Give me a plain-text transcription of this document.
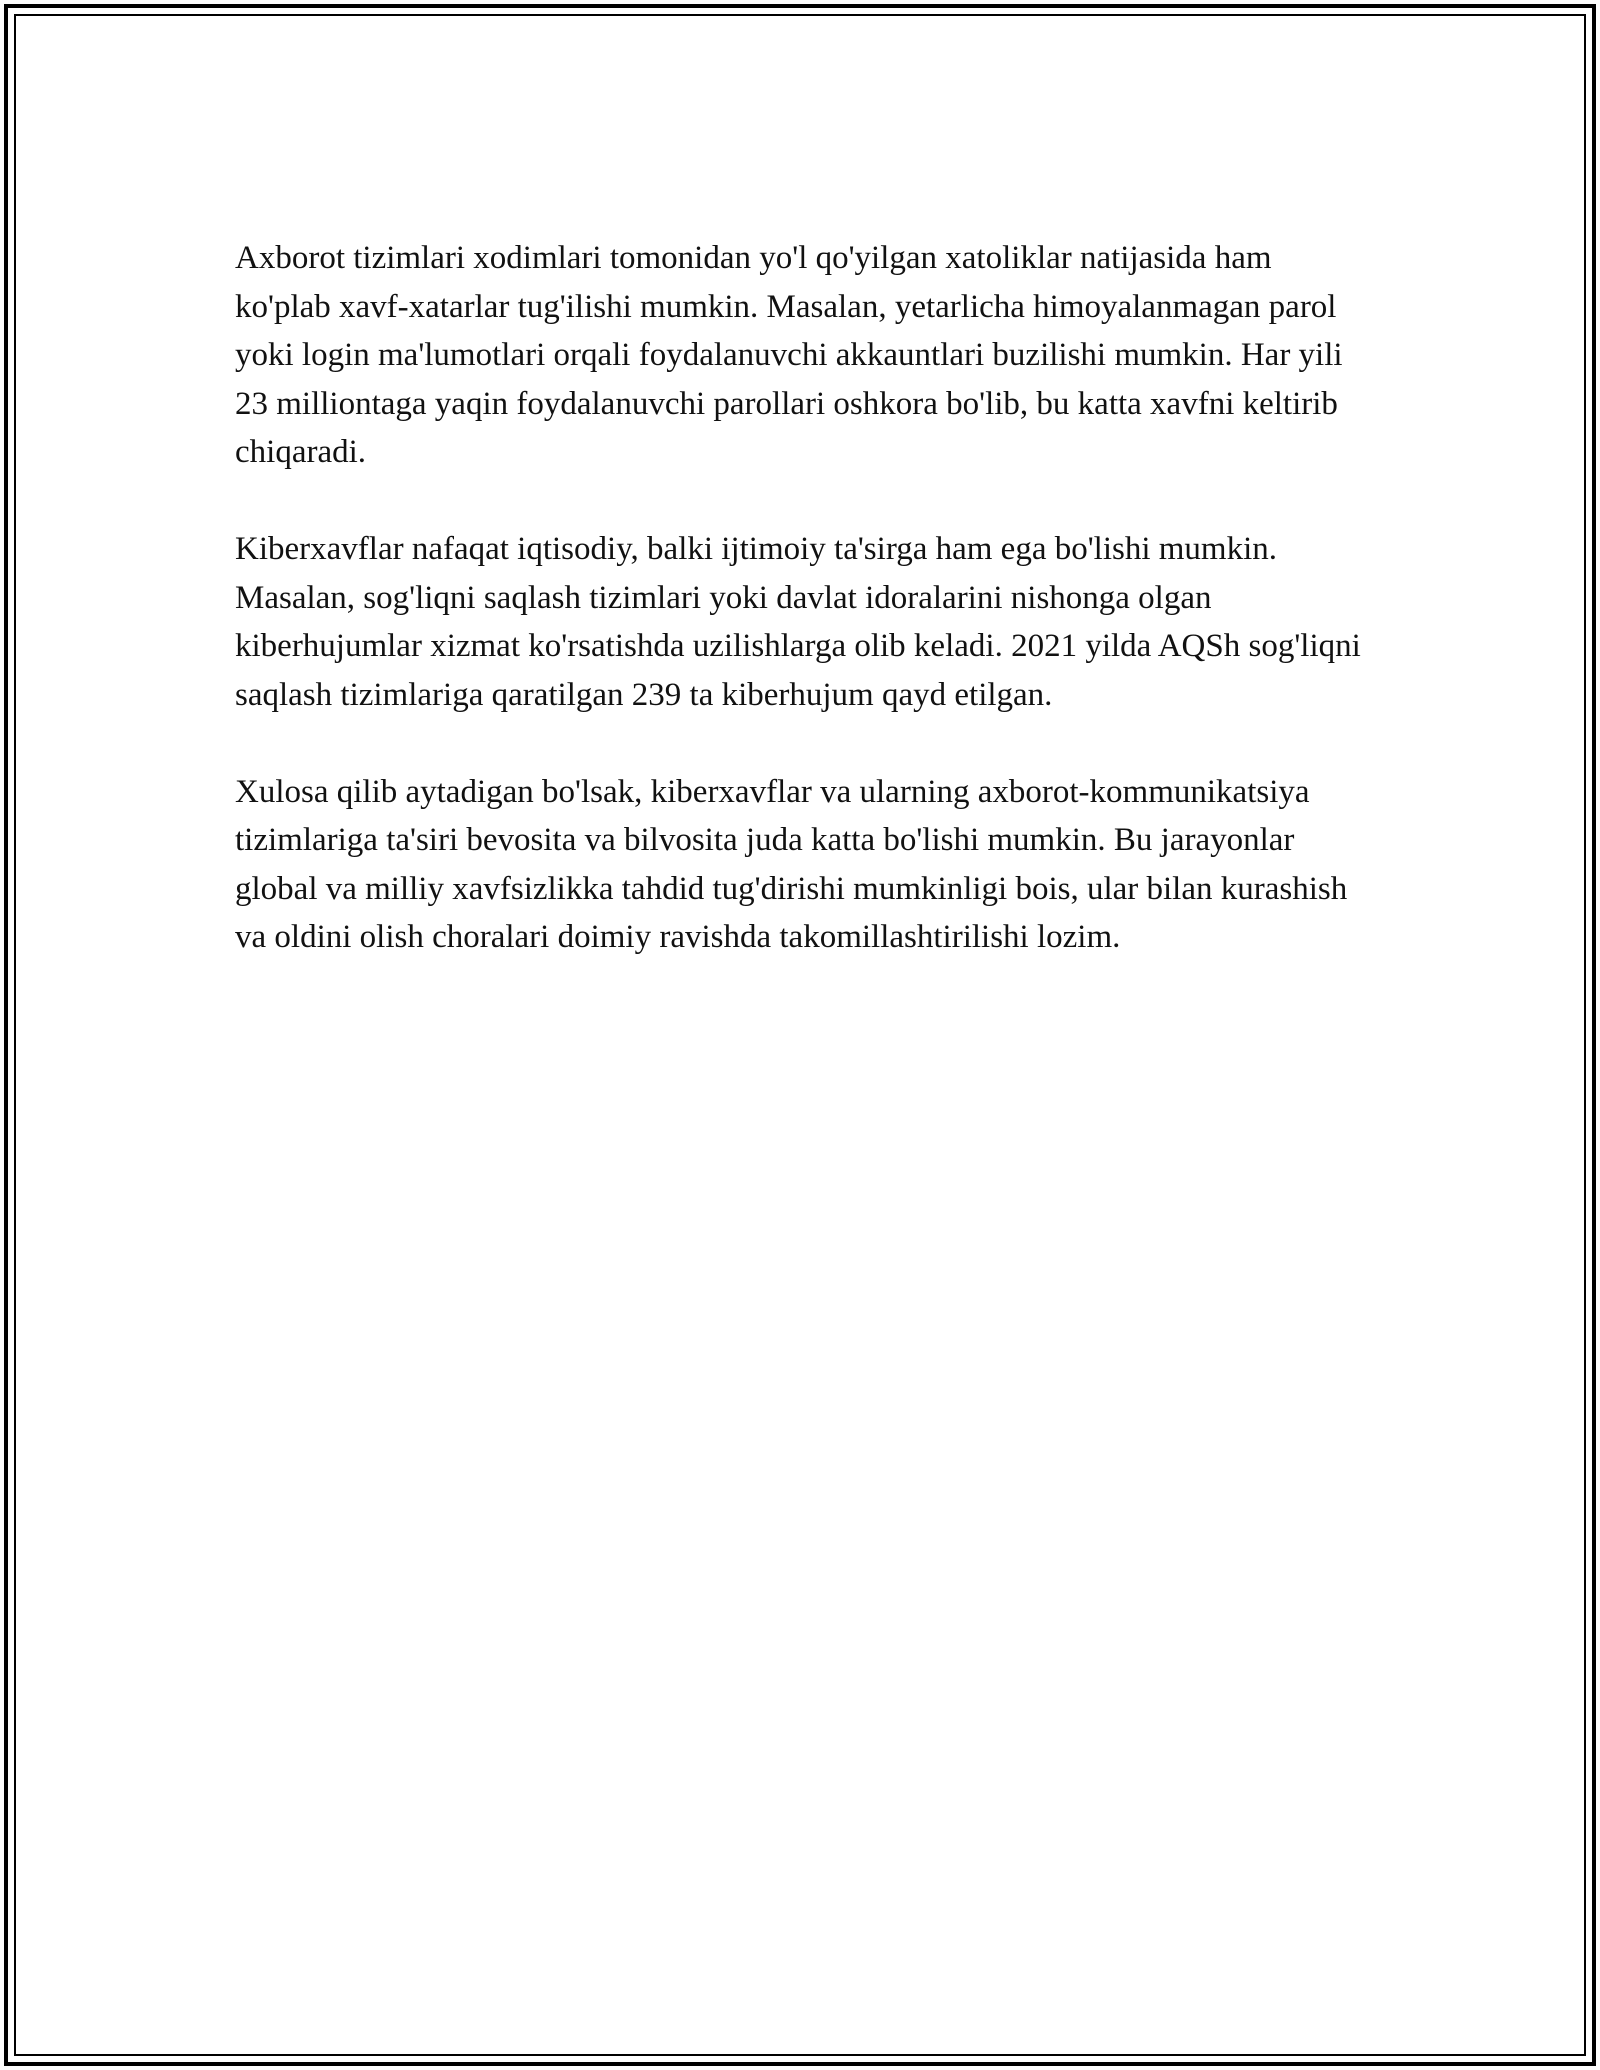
Axborot tizimlari xodimlari tomonidan yo'l qo'yilgan xatoliklar natijasida ham ko'plab xavf-xatarlar tug'ilishi mumkin. Masalan, yetarlicha himoyalanmagan parol yoki login ma'lumotlari orqali foydalanuvchi akkauntlari buzilishi mumkin. Har yili 23 milliontaga yaqin foydalanuvchi parollari oshkora bo'lib, bu katta xavfni keltirib chiqaradi.

Kiberxavflar nafaqat iqtisodiy, balki ijtimoiy ta'sirga ham ega bo'lishi mumkin. Masalan, sog'liqni saqlash tizimlari yoki davlat idoralarini nishonga olgan kiberhujumlar xizmat ko'rsatishda uzilishlarga olib keladi. 2021 yilda AQSh sog'liqni saqlash tizimlariga qaratilgan 239 ta kiberhujum qayd etilgan.

Xulosa qilib aytadigan bo'lsak, kiberxavflar va ularning axborot-kommunikatsiya tizimlariga ta'siri bevosita va bilvosita juda katta bo'lishi mumkin. Bu jarayonlar global va milliy xavfsizlikka tahdid tug'dirishi mumkinligi bois, ular bilan kurashish va oldini olish choralari doimiy ravishda takomillashtirilishi lozim.
